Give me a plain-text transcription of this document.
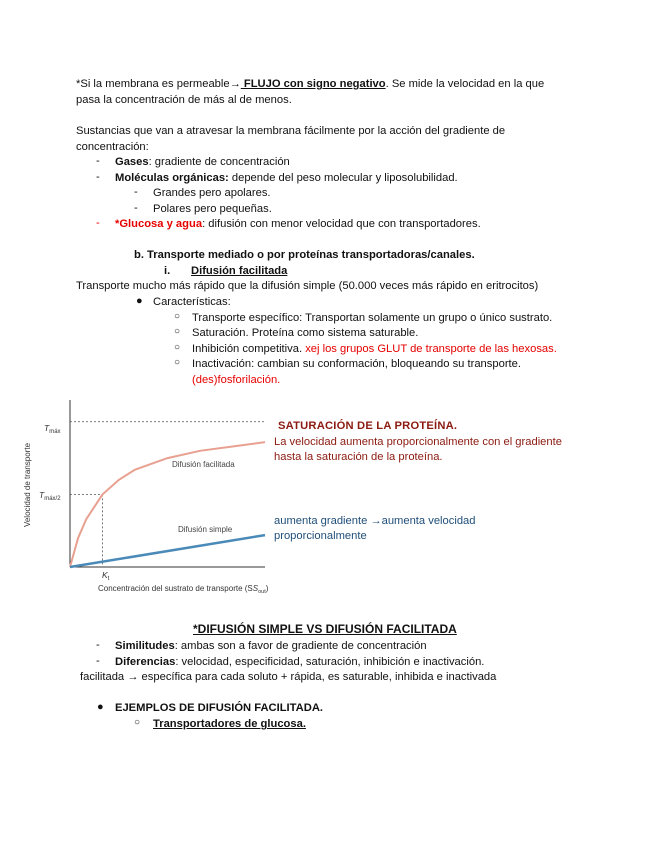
*Si la membrana es permeable→ FLUJO con signo negativo. Se mide la velocidad en la que
pasa la concentración de más al de menos.
Sustancias que van a atravesar la membrana fácilmente por la acción del gradiente de
concentración:
- Gases: gradiente de concentración
- Moléculas orgánicas: depende del peso molecular y liposolubilidad.
- Grandes pero apolares.
- Polares pero pequeñas.
- *Glucosa y agua: difusión con menor velocidad que con transportadores.
b. Transporte mediado o por proteínas transportadoras/canales.
i. Difusión facilitada
Transporte mucho más rápido que la difusión simple (50.000 veces más rápido en eritrocitos)
● Características:
○ Transporte específico: Transportan solamente un grupo o único sustrato.
○ Saturación. Proteína como sistema saturable.
○ Inhibición competitiva. xej los grupos GLUT de transporte de las hexosas.
○ Inactivación: cambian su conformación, bloqueando su transporte.
(des)fosforilación.
Velocidad de transporte
$T_{máx}$
$T_{máx/2}$
$K_t$
Difusión facilitada
Difusión simple
Concentración del sustrato de transporte $(SS_{out})$
SATURACIÓN DE LA PROTEÍNA.
La velocidad aumenta proporcionalmente con el gradiente
hasta la saturación de la proteína.
aumenta gradiente →aumenta velocidad
proporcionalmente
*DIFUSIÓN SIMPLE VS DIFUSIÓN FACILITADA
- Similitudes: ambas son a favor de gradiente de concentración
- Diferencias: velocidad, especificidad, saturación, inhibición e inactivación.
facilitada → específica para cada soluto + rápida, es saturable, inhibida e inactivada
● EJEMPLOS DE DIFUSIÓN FACILITADA.
○ Transportadores de glucosa.
